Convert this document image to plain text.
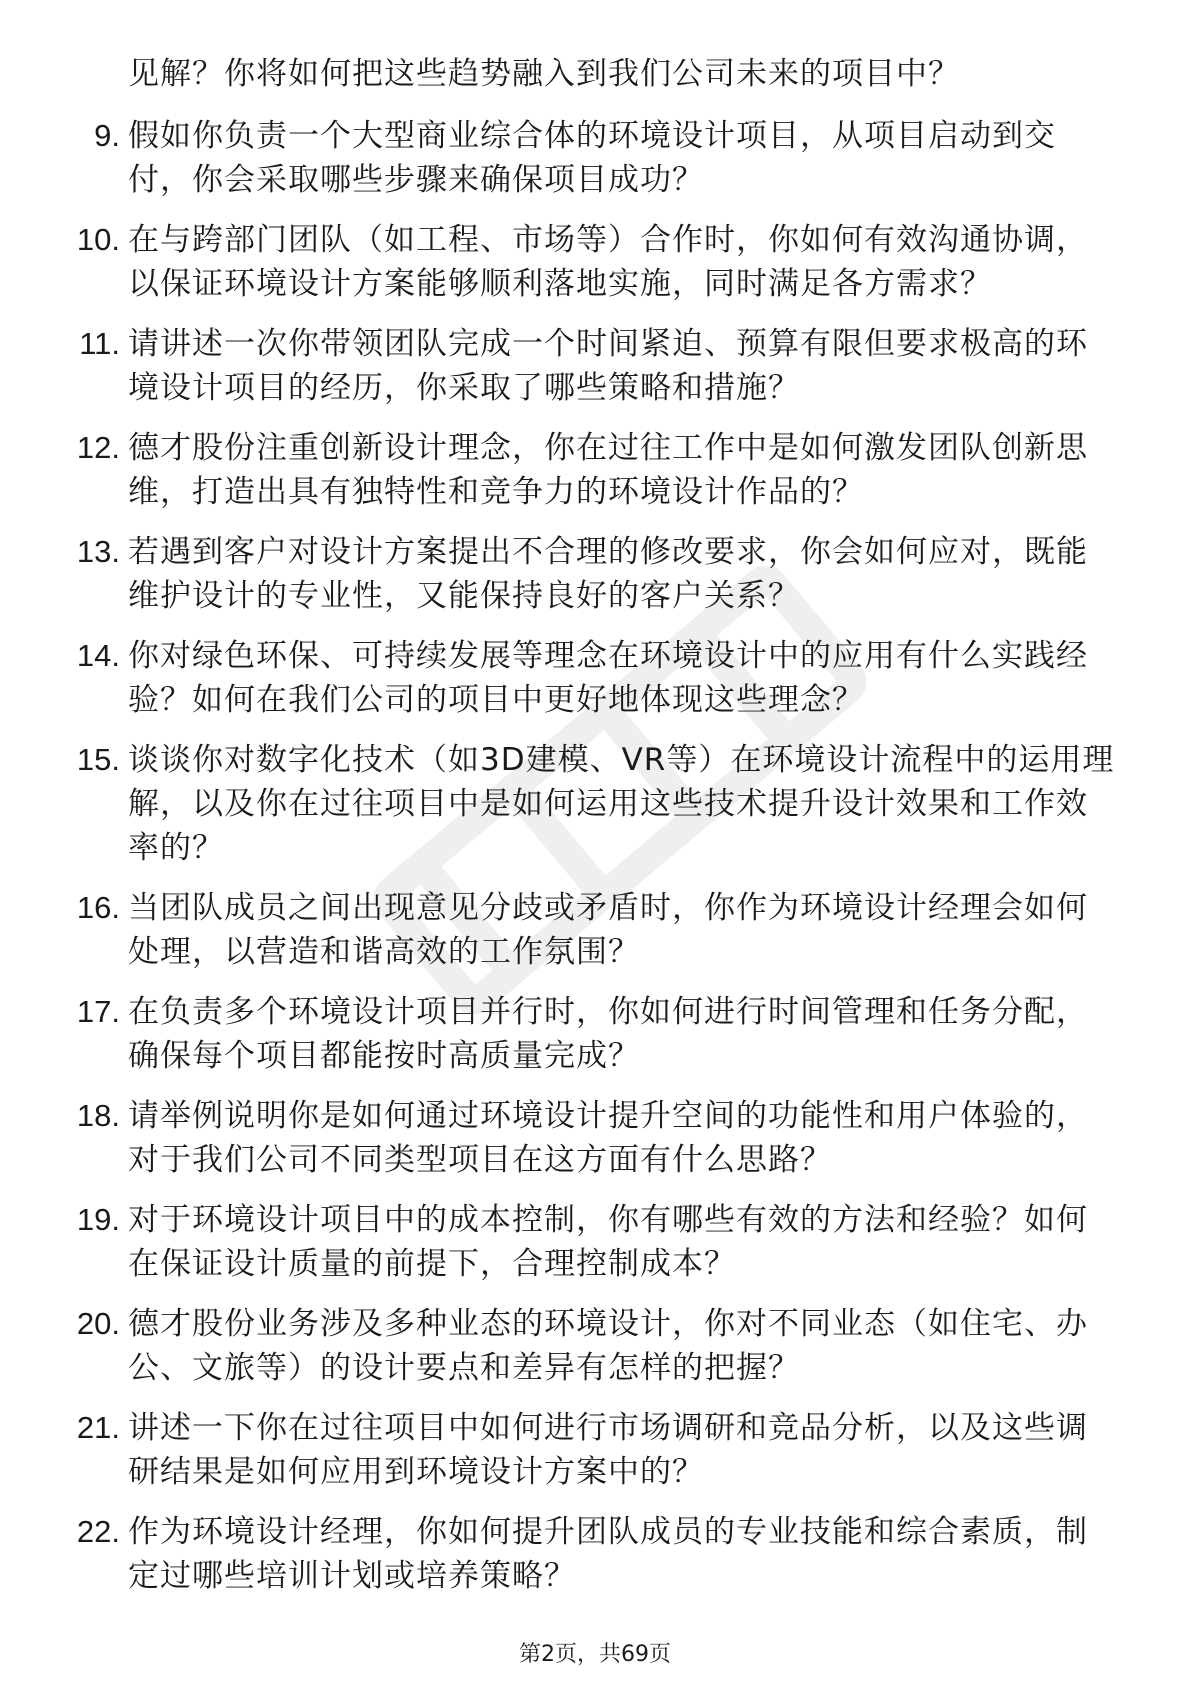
见解？你将如何把这些趋势融入到我们公司未来的项目中？
9. 假如你负责一个大型商业综合体的环境设计项目，从项目启动到交付，你会采取哪些步骤来确保项目成功？
10. 在与跨部门团队（如工程、市场等）合作时，你如何有效沟通协调，以保证环境设计方案能够顺利落地实施，同时满足各方需求？
11. 请讲述一次你带领团队完成一个时间紧迫、预算有限但要求极高的环境设计项目的经历，你采取了哪些策略和措施？
12. 德才股份注重创新设计理念，你在过往工作中是如何激发团队创新思维，打造出具有独特性和竞争力的环境设计作品的？
13. 若遇到客户对设计方案提出不合理的修改要求，你会如何应对，既能维护设计的专业性，又能保持良好的客户关系？
14. 你对绿色环保、可持续发展等理念在环境设计中的应用有什么实践经验？如何在我们公司的项目中更好地体现这些理念？
15. 谈谈你对数字化技术（如3D建模、VR等）在环境设计流程中的运用理解，以及你在过往项目中是如何运用这些技术提升设计效果和工作效率的？
16. 当团队成员之间出现意见分歧或矛盾时，你作为环境设计经理会如何处理，以营造和谐高效的工作氛围？
17. 在负责多个环境设计项目并行时，你如何进行时间管理和任务分配，确保每个项目都能按时高质量完成？
18. 请举例说明你是如何通过环境设计提升空间的功能性和用户体验的，对于我们公司不同类型项目在这方面有什么思路？
19. 对于环境设计项目中的成本控制，你有哪些有效的方法和经验？如何在保证设计质量的前提下，合理控制成本？
20. 德才股份业务涉及多种业态的环境设计，你对不同业态（如住宅、办公、文旅等）的设计要点和差异有怎样的把握？
21. 讲述一下你在过往项目中如何进行市场调研和竞品分析，以及这些调研结果是如何应用到环境设计方案中的？
22. 作为环境设计经理，你如何提升团队成员的专业技能和综合素质，制定过哪些培训计划或培养策略？
第2页，共69页
